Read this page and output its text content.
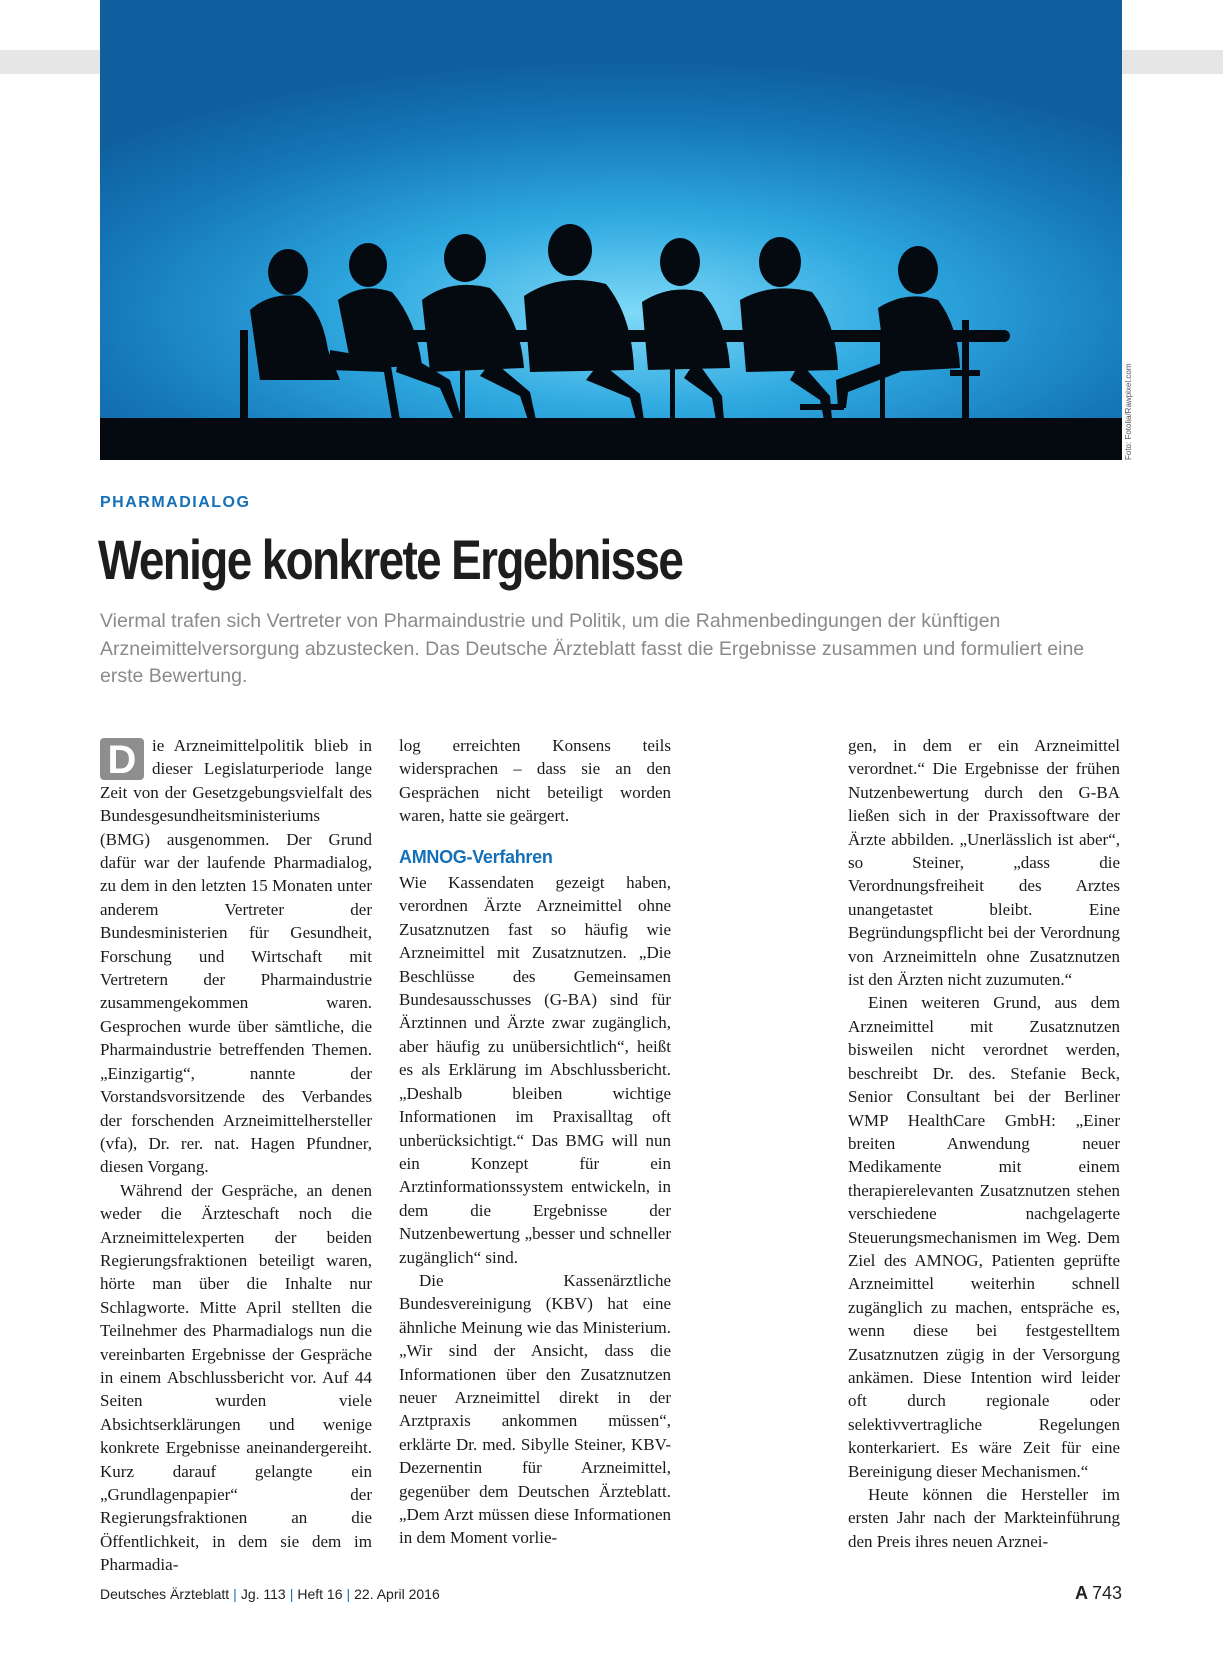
Foto: Fotolia/Rawpixel.com
PHARMADIALOG
Wenige konkrete Ergebnisse

Viermal trafen sich Vertreter von Pharmaindustrie und Politik, um die Rahmenbedingungen der künftigen Arzneimittelversorgung abzustecken. Das Deutsche Ärzteblatt fasst die Ergebnisse zusammen und formuliert eine erste Bewertung.

D ie Arzneimittelpolitik blieb in dieser Legislaturperiode lange Zeit von der Gesetzgebungsvielfalt des Bundesgesundheitsministeriums (BMG) ausgenommen. Der Grund dafür war der laufende Pharmadialog, zu dem in den letzten 15 Monaten unter anderem Vertreter der Bundesministerien für Gesundheit, Forschung und Wirtschaft mit Vertretern der Pharmaindustrie zusammengekommen waren. Gesprochen wurde über sämtliche, die Pharmaindustrie betreffenden Themen. „Einzigartig“, nannte der Vorstandsvorsitzende des Verbandes der forschenden Arzneimittelhersteller (vfa), Dr. rer. nat. Hagen Pfundner, diesen Vorgang.

Während der Gespräche, an denen weder die Ärzteschaft noch die Arzneimittelexperten der beiden Regierungsfraktionen beteiligt waren, hörte man über die Inhalte nur Schlagworte. Mitte April stellten die Teilnehmer des Pharmadialogs nun die vereinbarten Ergebnisse der Gespräche in einem Abschlussbericht vor. Auf 44 Seiten wurden viele Absichtserklärungen und wenige konkrete Ergebnisse aneinandergereiht. Kurz darauf gelangte ein „Grundlagenpapier“ der Regierungsfraktionen an die Öffentlichkeit, in dem sie dem im Pharmadia-

log erreichten Konsens teils widersprachen – dass sie an den Gesprächen nicht beteiligt worden waren, hatte sie geärgert.

AMNOG-Verfahren

Wie Kassendaten gezeigt haben, verordnen Ärzte Arzneimittel ohne Zusatznutzen fast so häufig wie Arzneimittel mit Zusatznutzen. „Die Beschlüsse des Gemeinsamen Bundesausschusses (G-BA) sind für Ärztinnen und Ärzte zwar zugänglich, aber häufig zu unübersichtlich“, heißt es als Erklärung im Abschlussbericht. „Deshalb bleiben wichtige Informationen im Praxisalltag oft unberücksichtigt.“ Das BMG will nun ein Konzept für ein Arztinformationssystem entwickeln, in dem die Ergebnisse der Nutzenbewertung „besser und schneller zugänglich“ sind.

Die Kassenärztliche Bundesvereinigung (KBV) hat eine ähnliche Meinung wie das Ministerium. „Wir sind der Ansicht, dass die Informationen über den Zusatznutzen neuer Arzneimittel direkt in der Arztpraxis ankommen müssen“, erklärte Dr. med. Sibylle Steiner, KBV-Dezernentin für Arzneimittel, gegenüber dem Deutschen Ärzteblatt. „Dem Arzt müssen diese Informationen in dem Moment vorlie-

gen, in dem er ein Arzneimittel verordnet.“ Die Ergebnisse der frühen Nutzenbewertung durch den G-BA ließen sich in der Praxissoftware der Ärzte abbilden. „Unerlässlich ist aber“, so Steiner, „dass die Verordnungsfreiheit des Arztes unangetastet bleibt. Eine Begründungspflicht bei der Verordnung von Arzneimitteln ohne Zusatznutzen ist den Ärzten nicht zuzumuten.“

Einen weiteren Grund, aus dem Arzneimittel mit Zusatznutzen bisweilen nicht verordnet werden, beschreibt Dr. des. Stefanie Beck, Senior Consultant bei der Berliner WMP HealthCare GmbH: „Einer breiten Anwendung neuer Medikamente mit einem therapierelevanten Zusatznutzen stehen verschiedene nachgelagerte Steuerungsmechanismen im Weg. Dem Ziel des AMNOG, Patienten geprüfte Arzneimittel weiterhin schnell zugänglich zu machen, entspräche es, wenn diese bei festgestelltem Zusatznutzen zügig in der Versorgung ankämen. Diese Intention wird leider oft durch regionale oder selektivvertragliche Regelungen konterkariert. Es wäre Zeit für eine Bereinigung dieser Mechanismen.“

Heute können die Hersteller im ersten Jahr nach der Markteinführung den Preis ihres neuen Arznei-

Deutsches Ärzteblatt | Jg. 113 | Heft 16 | 22. April 2016	A 743
